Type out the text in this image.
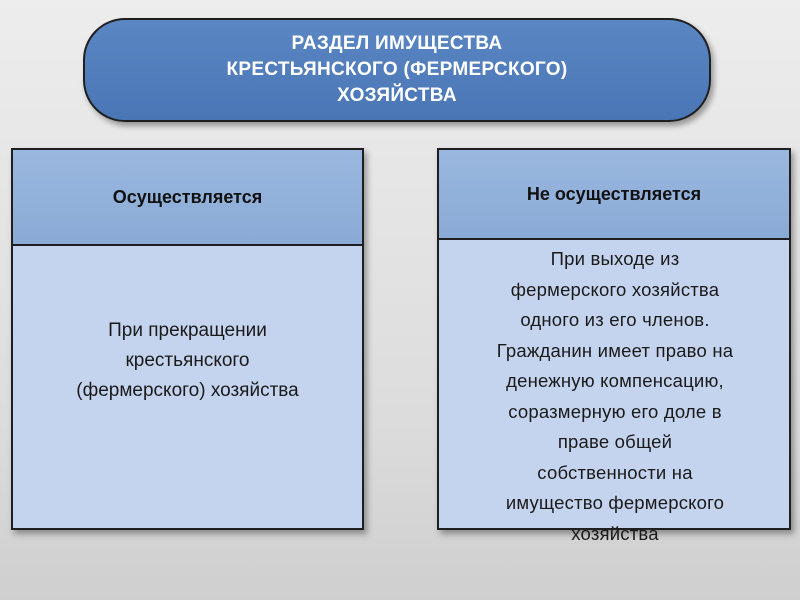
РАЗДЕЛ ИМУЩЕСТВА
КРЕСТЬЯНСКОГО (ФЕРМЕРСКОГО)
ХОЗЯЙСТВА
Осуществляется
При прекращении
крестьянского
(фермерского) хозяйства
Не осуществляется
При выходе из
фермерского хозяйства
одного из его членов.
Гражданин имеет право на
денежную компенсацию,
соразмерную его доле в
праве общей
собственности на
имущество фермерского
хозяйства
